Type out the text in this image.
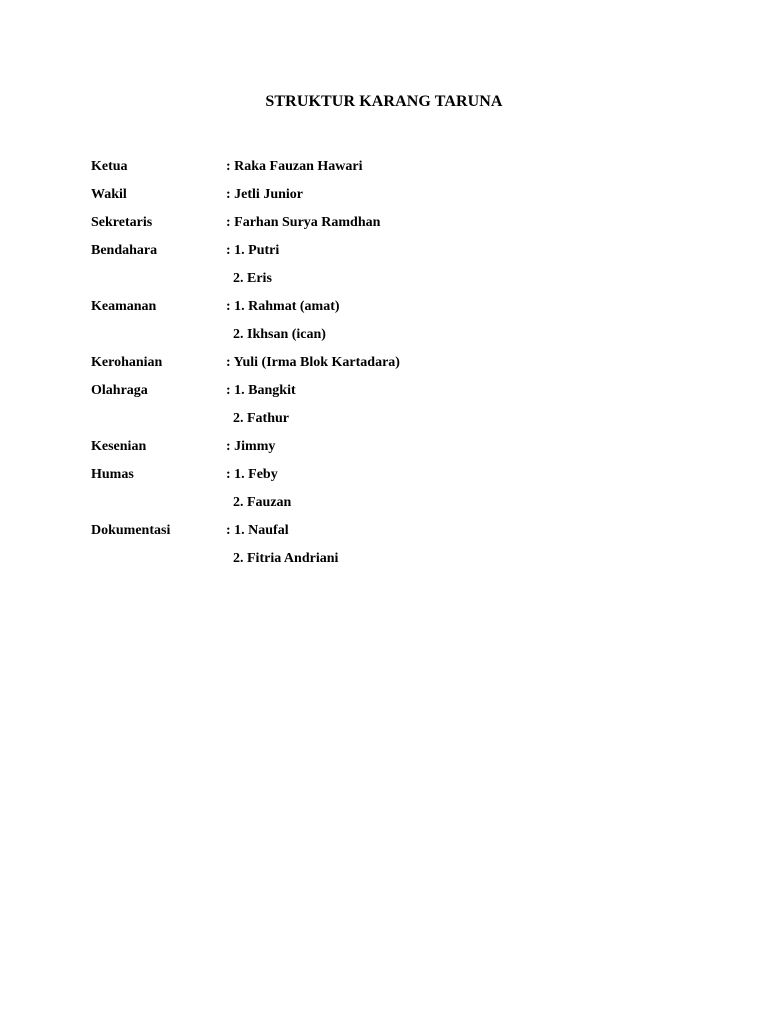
STRUKTUR KARANG TARUNA
Ketua	: Raka Fauzan Hawari
Wakil	: Jetli Junior
Sekretaris	: Farhan Surya Ramdhan
Bendahara	: 1. Putri
2. Eris
Keamanan	: 1. Rahmat (amat)
2. Ikhsan (ican)
Kerohanian	: Yuli (Irma Blok Kartadara)
Olahraga	: 1. Bangkit
2. Fathur
Kesenian	: Jimmy
Humas	: 1. Feby
2. Fauzan
Dokumentasi	: 1. Naufal
2. Fitria Andriani
